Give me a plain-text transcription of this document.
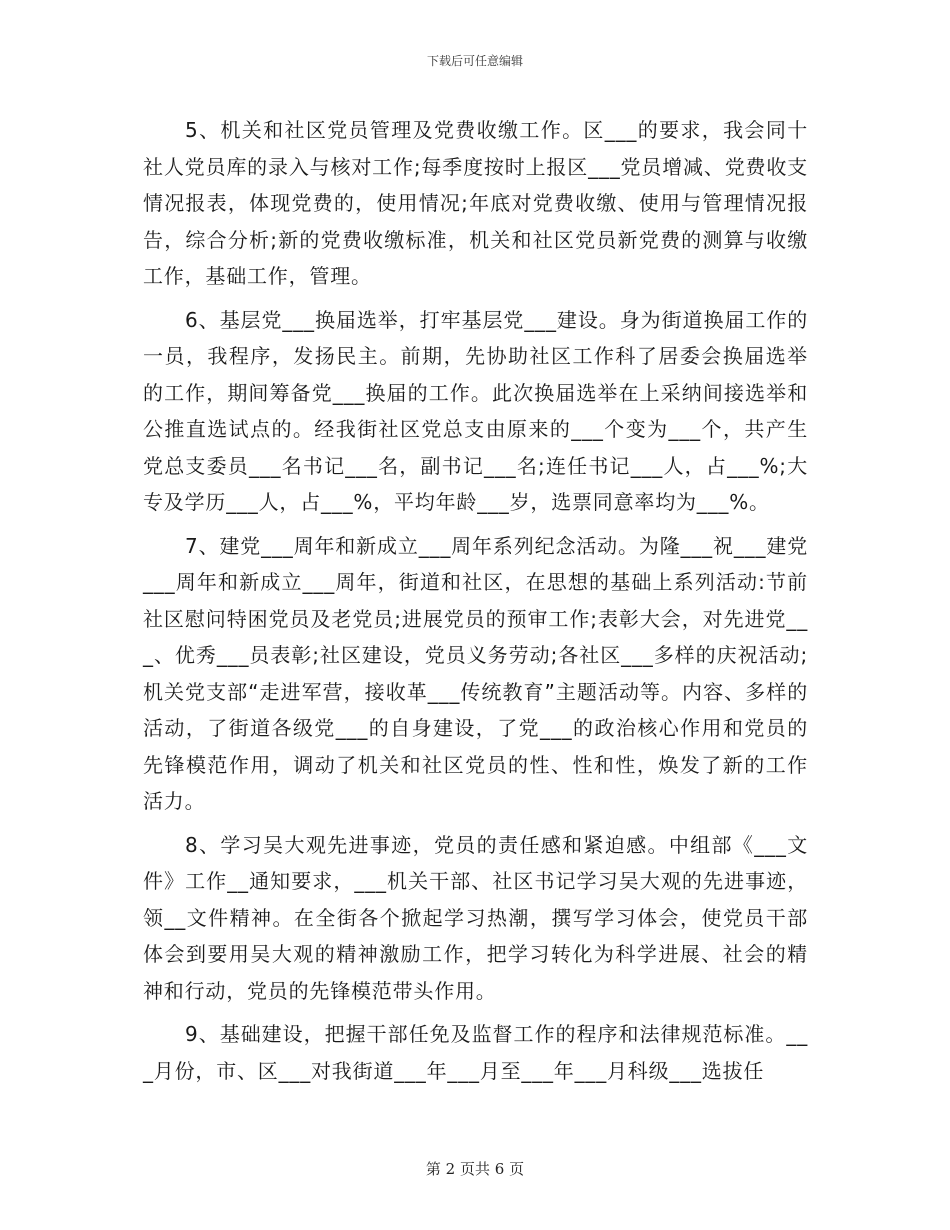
下载后可任意编辑

5、机关和社区党员管理及党费收缴工作。区___的要求，我会同十社人党员库的录入与核对工作;每季度按时上报区___党员增减、党费收支情况报表，体现党费的，使用情况;年底对党费收缴、使用与管理情况报告，综合分析;新的党费收缴标准，机关和社区党员新党费的测算与收缴工作，基础工作，管理。

6、基层党___换届选举，打牢基层党___建设。身为街道换届工作的一员，我程序，发扬民主。前期，先协助社区工作科了居委会换届选举的工作，期间筹备党___换届的工作。此次换届选举在上采纳间接选举和公推直选试点的。经我街社区党总支由原来的___个变为___个，共产生党总支委员___名书记___名，副书记___名;连任书记___人，占___%;大专及学历___人，占___%，平均年龄___岁，选票同意率均为___%。

7、建党___周年和新成立___周年系列纪念活动。为隆___祝___建党___周年和新成立___周年，街道和社区，在思想的基础上系列活动:节前社区慰问特困党员及老党员;进展党员的预审工作;表彰大会，对先进党___、优秀___员表彰;社区建设，党员义务劳动;各社区___多样的庆祝活动;机关党支部“走进军营，接收革___传统教育”主题活动等。内容、多样的活动，了街道各级党___的自身建设，了党___的政治核心作用和党员的先锋模范作用，调动了机关和社区党员的性、性和性，焕发了新的工作活力。

8、学习吴大观先进事迹，党员的责任感和紧迫感。中组部《___文件》工作__通知要求，___机关干部、社区书记学习吴大观的先进事迹，领__文件精神。在全街各个掀起学习热潮，撰写学习体会，使党员干部体会到要用吴大观的精神激励工作，把学习转化为科学进展、社会的精神和行动，党员的先锋模范带头作用。

9、基础建设，把握干部任免及监督工作的程序和法律规范标准。___月份，市、区___对我街道___年___月至___年___月科级___选拔任

第 2 页共 6 页
